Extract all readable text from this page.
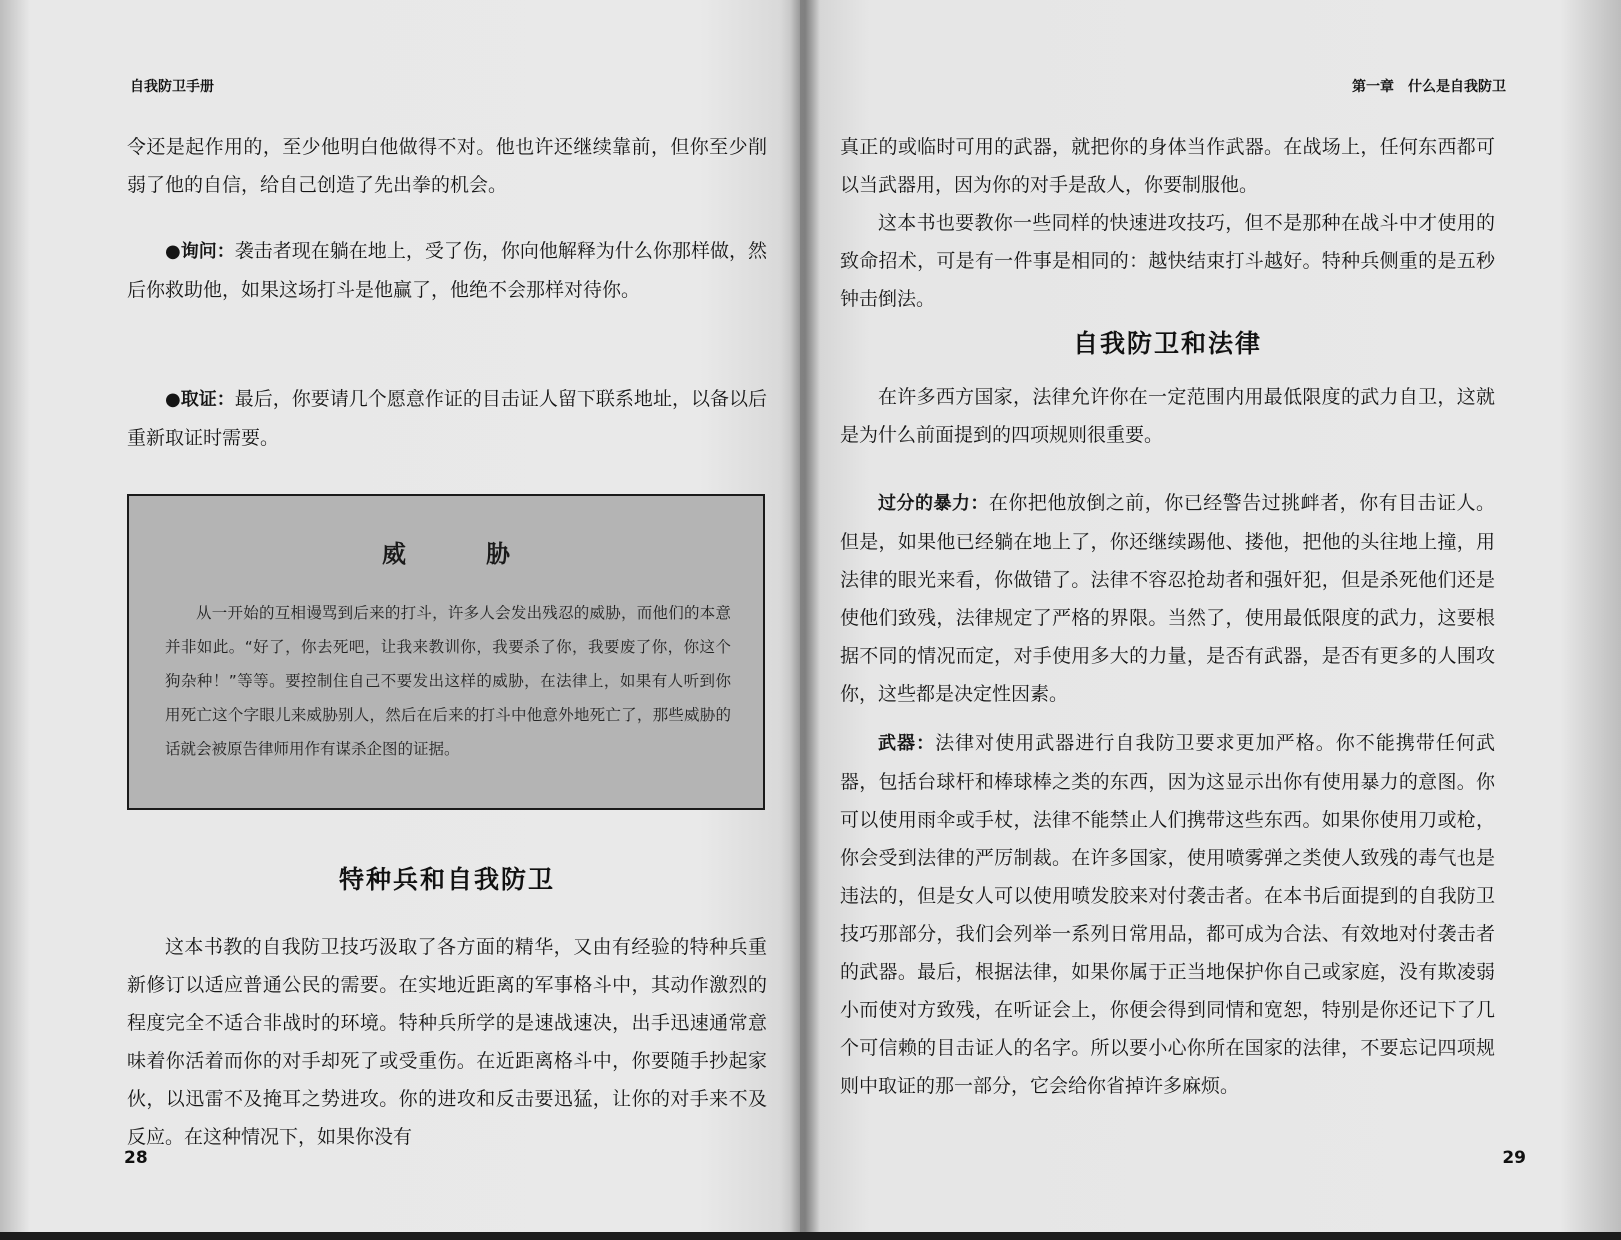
自我防卫手册

令还是起作用的，至少他明白他做得不对。他也许还继续靠前，但你至少削弱了他的自信，给自己创造了先出拳的机会。

●询问：袭击者现在躺在地上，受了伤，你向他解释为什么你那样做，然后你救助他，如果这场打斗是他赢了，他绝不会那样对待你。

●取证：最后，你要请几个愿意作证的目击证人留下联系地址，以备以后重新取证时需要。

威胁
从一开始的互相谩骂到后来的打斗，许多人会发出残忍的威胁，而他们的本意并非如此。“好了，你去死吧，让我来教训你，我要杀了你，我要废了你，你这个狗杂种！”等等。要控制住自己不要发出这样的威胁，在法律上，如果有人听到你用死亡这个字眼儿来威胁别人，然后在后来的打斗中他意外地死亡了，那些威胁的话就会被原告律师用作有谋杀企图的证据。
特种兵和自我防卫

这本书教的自我防卫技巧汲取了各方面的精华，又由有经验的特种兵重新修订以适应普通公民的需要。在实地近距离的军事格斗中，其动作激烈的程度完全不适合非战时的环境。特种兵所学的是速战速决，出手迅速通常意味着你活着而你的对手却死了或受重伤。在近距离格斗中，你要随手抄起家伙，以迅雷不及掩耳之势进攻。你的进攻和反击要迅猛，让你的对手来不及反应。在这种情况下，如果你没有

28
第一章　什么是自我防卫

真正的或临时可用的武器，就把你的身体当作武器。在战场上，任何东西都可以当武器用，因为你的对手是敌人，你要制服他。

这本书也要教你一些同样的快速进攻技巧，但不是那种在战斗中才使用的致命招术，可是有一件事是相同的：越快结束打斗越好。特种兵侧重的是五秒钟击倒法。

自我防卫和法律

在许多西方国家，法律允许你在一定范围内用最低限度的武力自卫，这就是为什么前面提到的四项规则很重要。

过分的暴力：在你把他放倒之前，你已经警告过挑衅者，你有目击证人。但是，如果他已经躺在地上了，你还继续踢他、搂他，把他的头往地上撞，用法律的眼光来看，你做错了。法律不容忍抢劫者和强奸犯，但是杀死他们还是使他们致残，法律规定了严格的界限。当然了，使用最低限度的武力，这要根据不同的情况而定，对手使用多大的力量，是否有武器，是否有更多的人围攻你，这些都是决定性因素。

武器：法律对使用武器进行自我防卫要求更加严格。你不能携带任何武器，包括台球杆和棒球棒之类的东西，因为这显示出你有使用暴力的意图。你可以使用雨伞或手杖，法律不能禁止人们携带这些东西。如果你使用刀或枪，你会受到法律的严厉制裁。在许多国家，使用喷雾弹之类使人致残的毒气也是违法的，但是女人可以使用喷发胶来对付袭击者。在本书后面提到的自我防卫技巧那部分，我们会列举一系列日常用品，都可成为合法、有效地对付袭击者的武器。最后，根据法律，如果你属于正当地保护你自己或家庭，没有欺凌弱小而使对方致残，在听证会上，你便会得到同情和宽恕，特别是你还记下了几个可信赖的目击证人的名字。所以要小心你所在国家的法律，不要忘记四项规则中取证的那一部分，它会给你省掉许多麻烦。

29
